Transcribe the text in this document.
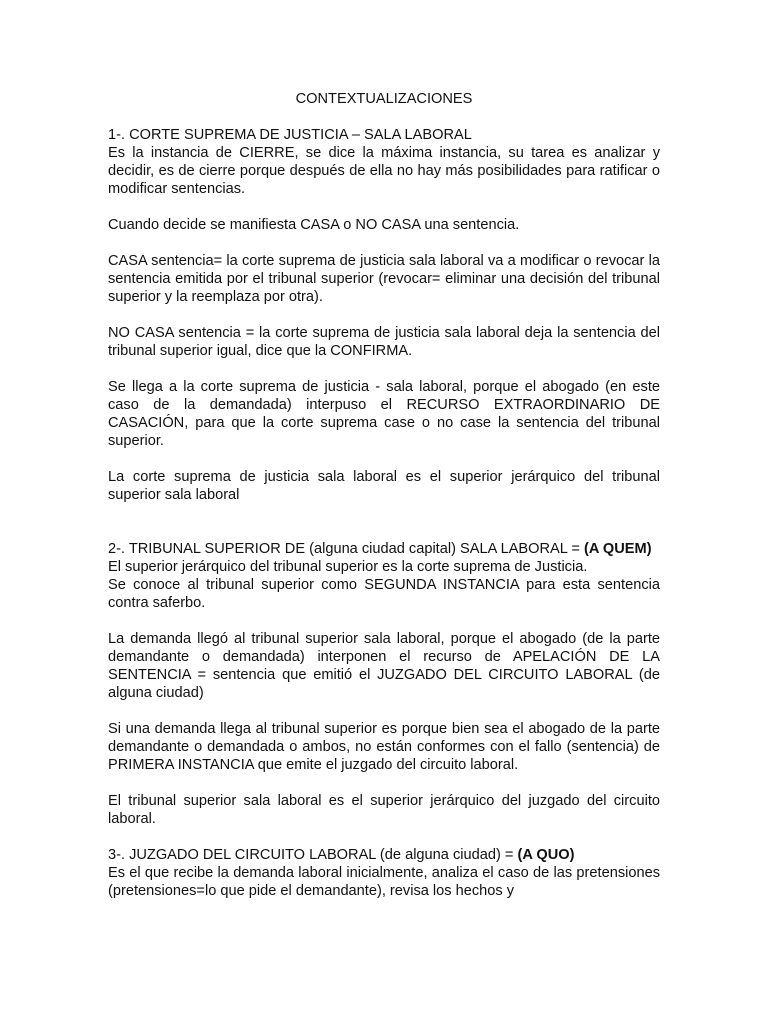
CONTEXTUALIZACIONES

1-. CORTE SUPREMA DE JUSTICIA – SALA LABORAL

Es la instancia de CIERRE, se dice la máxima instancia, su tarea es analizar y decidir, es de cierre porque después de ella no hay más posibilidades para ratificar o modificar sentencias.

Cuando decide se manifiesta CASA o NO CASA una sentencia.

CASA sentencia= la corte suprema de justicia sala laboral va a modificar o revocar la sentencia emitida por el tribunal superior (revocar= eliminar una decisión del tribunal superior y la reemplaza por otra).

NO CASA sentencia = la corte suprema de justicia sala laboral deja la sentencia del tribunal superior igual, dice que la CONFIRMA.

Se llega a la corte suprema de justicia - sala laboral, porque el abogado (en este caso de la demandada) interpuso el RECURSO EXTRAORDINARIO DE CASACIÓN, para que la corte suprema case o no case la sentencia del tribunal superior.

La corte suprema de justicia sala laboral es el superior jerárquico del tribunal superior sala laboral

2-. TRIBUNAL SUPERIOR DE (alguna ciudad capital) SALA LABORAL = (A QUEM)

El superior jerárquico del tribunal superior es la corte suprema de Justicia.

Se conoce al tribunal superior como SEGUNDA INSTANCIA para esta sentencia contra saferbo.

La demanda llegó al tribunal superior sala laboral, porque el abogado (de la parte demandante o demandada) interponen el recurso de APELACIÓN DE LA SENTENCIA = sentencia que emitió el JUZGADO DEL CIRCUITO LABORAL (de alguna ciudad)

Si una demanda llega al tribunal superior es porque bien sea el abogado de la parte demandante o demandada o ambos, no están conformes con el fallo (sentencia) de PRIMERA INSTANCIA que emite el juzgado del circuito laboral.

El tribunal superior sala laboral es el superior jerárquico del juzgado del circuito laboral.

3-. JUZGADO DEL CIRCUITO LABORAL (de alguna ciudad) = (A QUO)

Es el que recibe la demanda laboral inicialmente, analiza el caso de las pretensiones (pretensiones=lo que pide el demandante), revisa los hechos y
